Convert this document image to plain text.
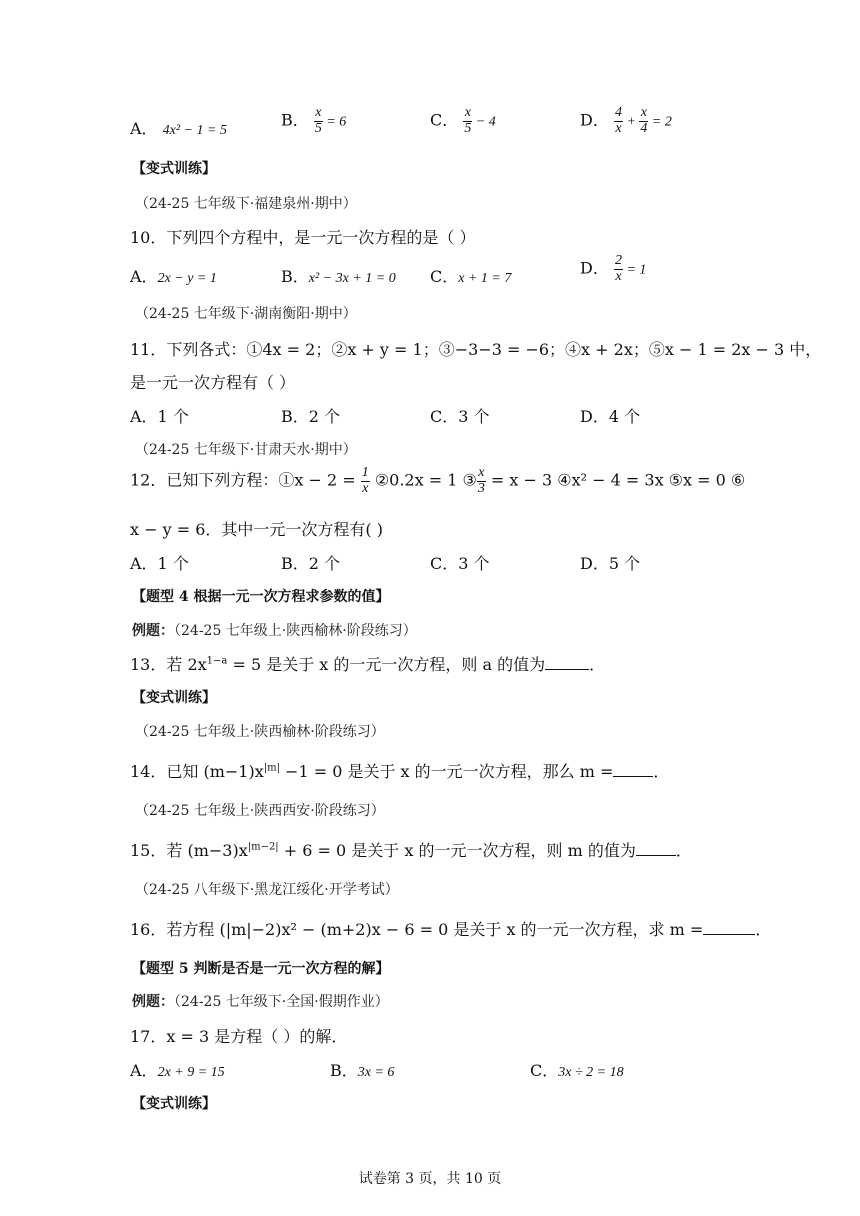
A． 4x² − 1 = 5
B． $\frac{x}{5} = 6$	C． $\frac{x}{5} - 4$	D． $\frac{4}{x} + \frac{x}{4} = 2$
【变式训练】
（24-25 七年级下·福建泉州·期中）
10．下列四个方程中，是一元一次方程的是（ ）
A．2x − y = 1	B．x² − 3x + 1 = 0 C．x + 1 = 7
D． $\frac{2}{x} = 1$
（24-25 七年级下·湖南衡阳·期中）
11．下列各式：①4x = 2；②x + y = 1；③−3−3 = −6；④x + 2x；⑤x − 1 = 2x − 3 中，
是一元一次方程有（ ）
A．1 个	B．2 个	C．3 个	D．4 个
（24-25 七年级下·甘肃天水·期中）
12．已知下列方程：①x − $2 = \frac{1}{x}$ ②0.2x = 1 ③ $\frac{x}{3} = x - 3$ ④x² − 4 = 3x ⑤x = 0 ⑥
x − y = 6．其中一元一次方程有( )
A．1 个	B．2 个	C．3 个	D．5 个
【题型 4 根据一元一次方程求参数的值】
例题：（24-25 七年级上·陕西榆林·阶段练习）
13．若 $2x^{1-a} = 5$ 是关于 x 的一元一次方程，则 a 的值为	．
【变式训练】
（24-25 七年级上·陕西榆林·阶段练习）
14．已知 $(m-1)x^{|m|} -1 = 0$ 是关于 x 的一元一次方程，那么 m =	．
（24-25 七年级上·陕西西安·阶段练习）
15．若 $(m-3)x^{|m-2|} + 6 = 0$ 是关于 x 的一元一次方程，则 m 的值为	．
（24-25 八年级下·黑龙江绥化·开学考试）
16．若方程 (|m|−2)x² − (m+2)x − 6 = 0 是关于 x 的一元一次方程，求 m =	．
【题型 5 判断是否是一元一次方程的解】
例题：（24-25 七年级下·全国·假期作业）
17．x = 3 是方程（ ）的解．
A．2x + 9 = 15	B．3x = 6	C．3x ÷ 2 = 18
【变式训练】
试卷第 3 页，共 10 页
